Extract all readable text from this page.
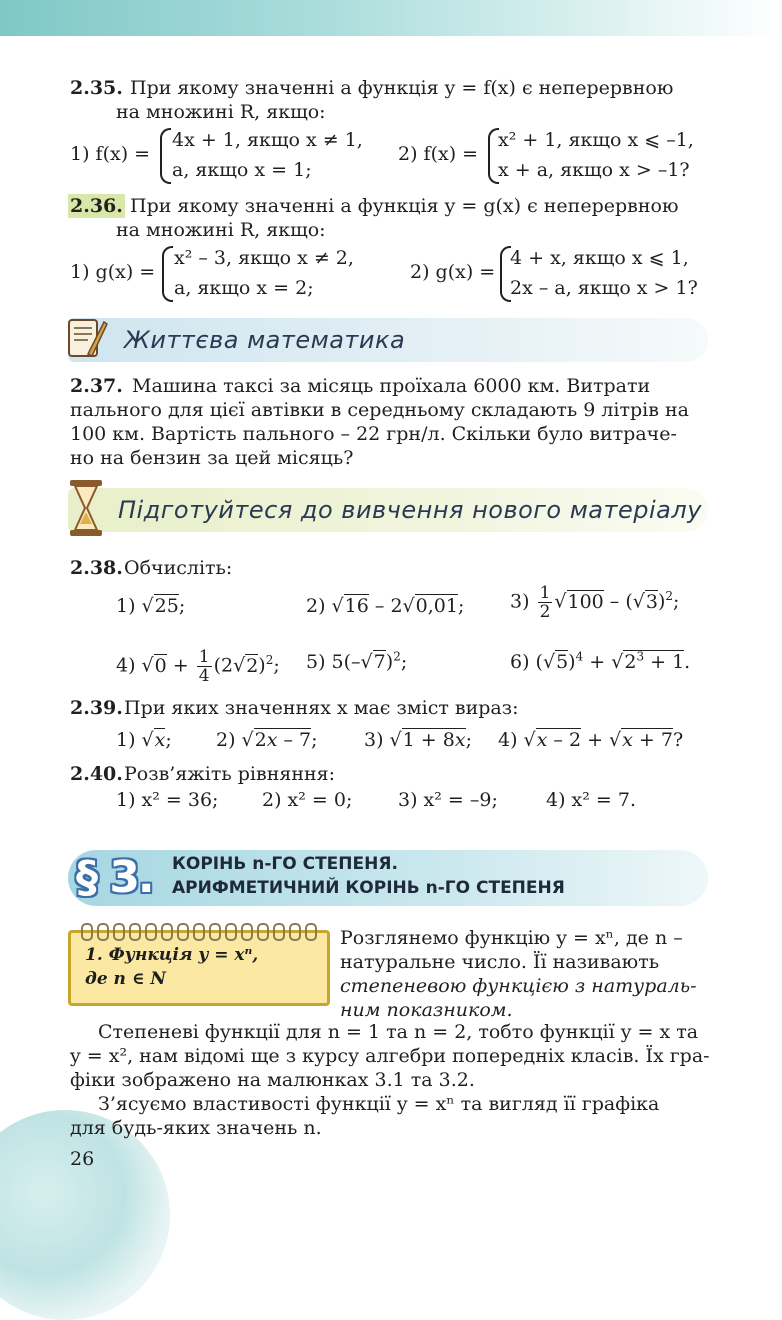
2.35. При якому значенні a функція y = f(x) є неперервною
на множині R, якщо:
1) f(x) =
4x + 1, якщо x ≠ 1,
a, якщо x = 1;
2) f(x) =
x² + 1, якщо x ⩽ –1,
x + a, якщо x > –1?
2.36. При якому значенні a функція y = g(x) є неперервною
на множині R, якщо:
1) g(x) =
x² – 3, якщо x ≠ 2,
a, якщо x = 2;
2) g(x) =
4 + x, якщо x ⩽ 1,
2x – a, якщо x > 1?
Життєва математика
2.37. Машина таксі за місяць проїхала 6000 км. Витрати
пального для цієї автівки в середньому складають 9 літрів на
100 км. Вартість пального – 22 грн/л. Скільки було витраче-
но на бензин за цей місяць?
Підготуйтеся до вивчення нового матеріалу
2.38. Обчисліть:
1) √25;	2) √16 – 2√0,01; $3) \frac{1}{2} √100 - (√3)^2$;
4) $√0 + \frac{1}{4} (2√2)^2$; 5) $5(-√7)^2$;	6) $(√5)^4 + √2^3 + 1$.
2.39. При яких значеннях x має зміст вираз:
1) √x; 2) √2x – 7; 3) √1 + 8x; 4) √x – 2 + √x + 7?
2.40. Розв’яжіть рівняння:
1) x² = 36; 2) x² = 0; 3) x² = –9;	4) x² = 7.
§ 3. КОРІНЬ n-ГО СТЕПЕНЯ.
АРИФМЕТИЧНИЙ КОРІНЬ n-ГО СТЕПЕНЯ
1. Функція y = xⁿ,
де n ∈ N
Розглянемо функцію y = xⁿ, де n –
натуральне число. Її називають
степеневою функцією з натураль-
ним показником.
Степеневі функції для n = 1 та n = 2, тобто функції y = x та
y = x², нам відомі ще з курсу алгебри попередніх класів. Їх гра-
фіки зображено на малюнках 3.1 та 3.2.
З’ясуємо властивості функції y = xⁿ та вигляд її графіка
для будь-яких значень n.
26
